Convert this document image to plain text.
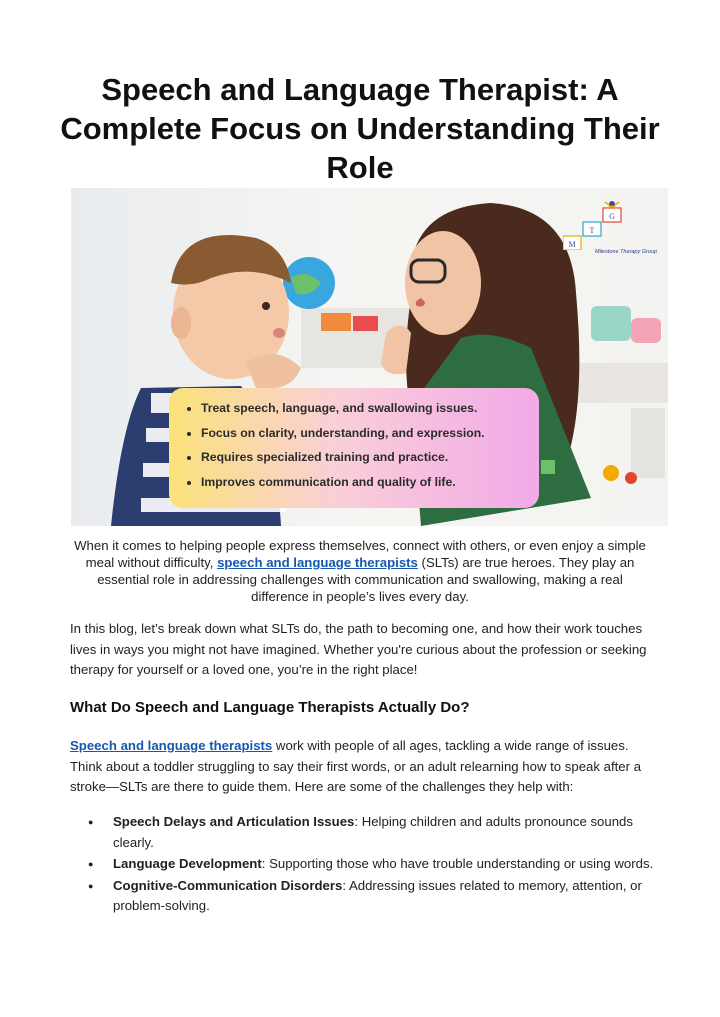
Speech and Language Therapist: A Complete Focus on Understanding Their Role
G
T
M
Milestone Therapy Group
• Treat speech, language, and swallowing issues.
• Focus on clarity, understanding, and expression.
• Requires specialized training and practice.
• Improves communication and quality of life.

When it comes to helping people express themselves, connect with others, or even enjoy a simple meal without difficulty, speech and language therapists (SLTs) are true heroes. They play an essential role in addressing challenges with communication and swallowing, making a real difference in people’s lives every day.

In this blog, let’s break down what SLTs do, the path to becoming one, and how their work touches lives in ways you might not have imagined. Whether you're curious about the profession or seeking therapy for yourself or a loved one, you’re in the right place!

What Do Speech and Language Therapists Actually Do?

Speech and language therapists work with people of all ages, tackling a wide range of issues. Think about a toddler struggling to say their first words, or an adult relearning how to speak after a stroke—SLTs are there to guide them. Here are some of the challenges they help with:

● Speech Delays and Articulation Issues: Helping children and adults pronounce sounds clearly.
● Language Development: Supporting those who have trouble understanding or using words.
● Cognitive-Communication Disorders: Addressing issues related to memory, attention, or problem-solving.
